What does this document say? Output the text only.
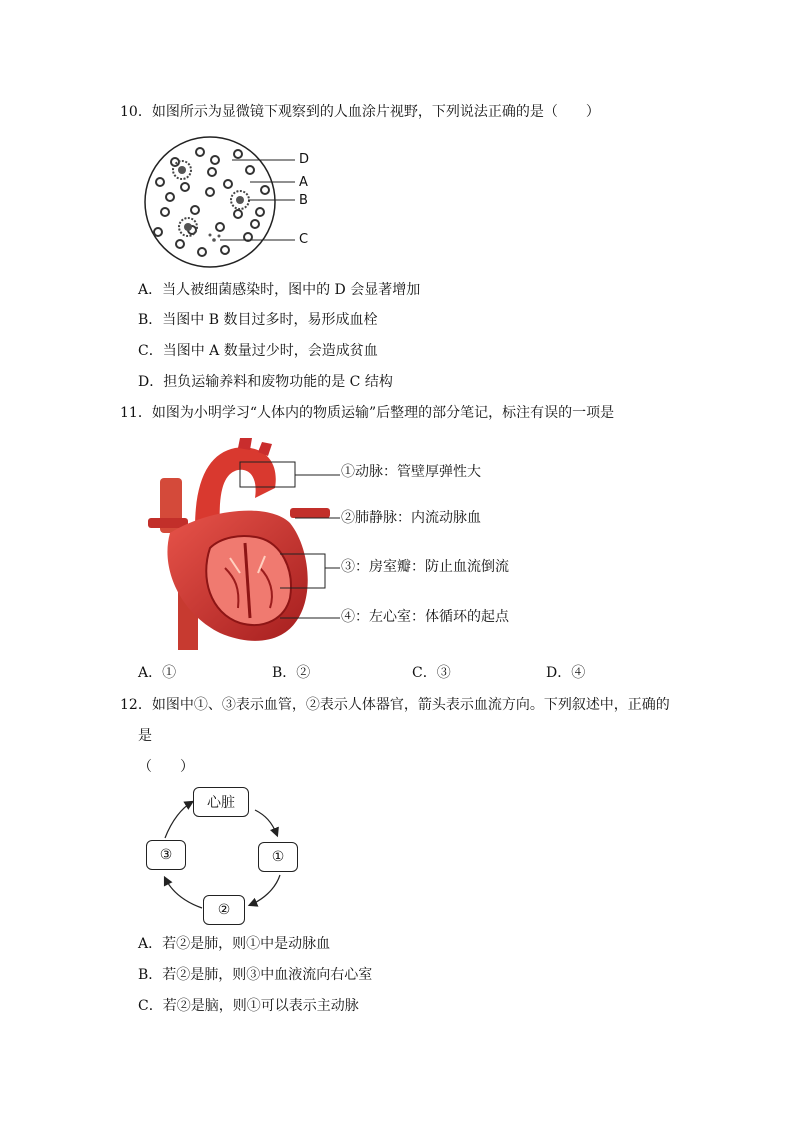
10．如图所示为显微镜下观察到的人血涂片视野，下列说法正确的是（　　）
D
A
B
C
A．当人被细菌感染时，图中的 D 会显著增加
B．当图中 B 数目过多时，易形成血栓
C．当图中 A 数量过少时，会造成贫血
D．担负运输养料和废物功能的是 C 结构
11．如图为小明学习“人体内的物质运输”后整理的部分笔记，标注有误的一项是
①动脉：管壁厚弹性大
②肺静脉：内流动脉血
③：房室瓣：防止血流倒流
④：左心室：体循环的起点
A．①	B．②	C．③	D．④
12．如图中①、③表示血管，②表示人体器官，箭头表示血流方向。下列叙述中，正确的
是
（　　）
心脏
①
③
②
A．若②是肺，则①中是动脉血
B．若②是肺，则③中血液流向右心室
C．若②是脑，则①可以表示主动脉
